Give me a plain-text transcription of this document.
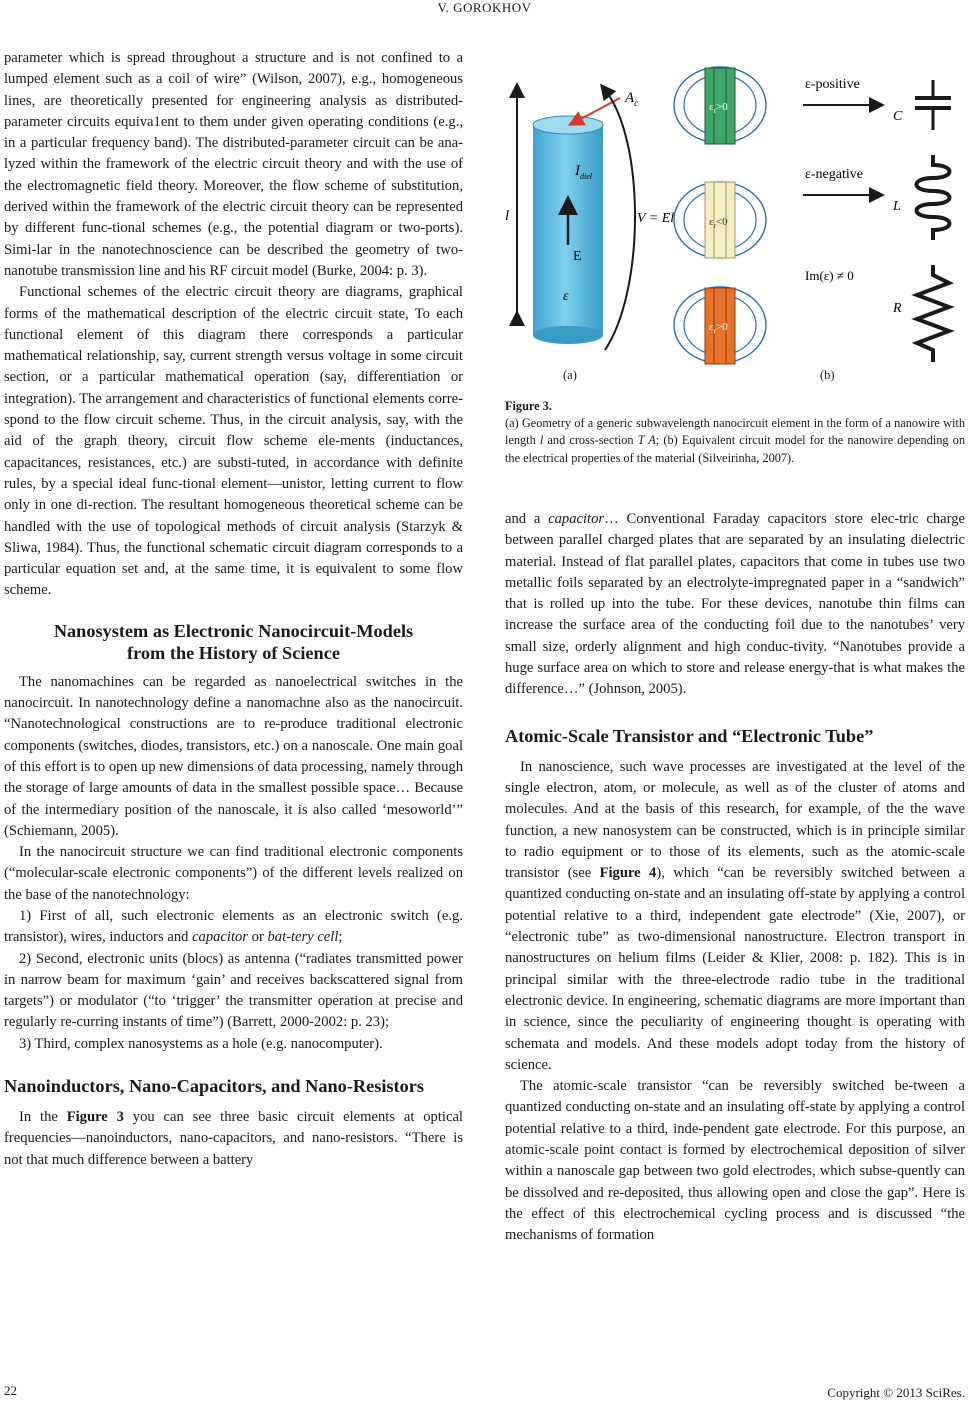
V. GOROKHOV

parameter which is spread throughout a structure and is not confined to a lumped element such as a coil of wire” (Wilson, 2007), e.g., homogeneous lines, are theoretically presented for engineering analysis as distributed-parameter circuits equiva1ent to them under given operating conditions (e.g., in a particular frequency band). The distributed-parameter circuit can be ana-lyzed within the framework of the electric circuit theory and with the use of the electromagnetic field theory. Moreover, the flow scheme of substitution, derived within the framework of the electric circuit theory can be represented by different func-tional schemes (e.g., the potential diagram or two-ports). Simi-lar in the nanotechnoscience can be described the geometry of two-nanotube transmission line and his RF circuit model (Burke, 2004: p. 3).

Functional schemes of the electric circuit theory are diagrams, graphical forms of the mathematical description of the electric circuit state, To each functional element of this diagram there corresponds a particular mathematical relationship, say, current strength versus voltage in some circuit section, or a particular mathematical operation (say, differentiation or integration). The arrangement and characteristics of functional elements corre-spond to the flow circuit scheme. Thus, in the circuit analysis, say, with the aid of the graph theory, circuit flow scheme ele-ments (inductances, capacitances, resistances, etc.) are substi-tuted, in accordance with definite rules, by a special ideal func-tional element—unistor, letting current to flow only in one di-rection. The resultant homogeneous theoretical scheme can be handled with the use of topological methods of circuit analysis (Starzyk & Sliwa, 1984). Thus, the functional schematic circuit diagram corresponds to a particular equation set and, at the same time, it is equivalent to some flow scheme.

Nanosystem as Electronic Nanocircuit-Models
from the History of Science

The nanomachines can be regarded as nanoelectrical switches in the nanocircuit. In nanotechnology define a nanomachne also as the nanocircuit. “Nanotechnological constructions are to re-produce traditional electronic components (switches, diodes, transistors, etc.) on a nanoscale. One main goal of this effort is to open up new dimensions of data processing, namely through the storage of large amounts of data in the smallest possible space… Because of the intermediary position of the nanoscale, it is also called ‘mesoworld’” (Schiemann, 2005).

In the nanocircuit structure we can find traditional electronic components (“molecular-scale electronic components”) of the different levels realized on the base of the nanotechnology:

1) First of all, such electronic elements as an electronic switch (e.g. transistor), wires, inductors and capacitor or bat-tery cell;

2) Second, electronic units (blocs) as antenna (“radiates transmitted power in narrow beam for maximum ‘gain’ and receives backscattered signal from targets”) or modulator (“to ‘trigger’ the transmitter operation at precise and regularly re-curring instants of time”) (Barrett, 2000-2002: p. 23);

3) Third, complex nanosystems as a hole (e.g. nanocomputer).

Nanoinductors, Nano-Capacitors, and Nano-Resistors

In the Figure 3 you can see three basic circuit elements at optical frequencies—nanoinductors, nano-capacitors, and nano-resistors. “There is not that much difference between a battery

$A_c$
$I_{diel}$
l	V = El
E
ε
$\varepsilon_r>0$
$\varepsilon_r<0$
$\varepsilon_r>0$
ε-positive
ε-negative
Im(ε) ≠ 0
C
L
R
(a)	(b)
Figure 3.
(a) Geometry of a generic subwavelength nanocircuit element in the form of a nanowire with length l and cross-section T A; (b) Equivalent circuit model for the nanowire depending on the electrical properties of the material (Silveirinha, 2007).

and a capacitor… Conventional Faraday capacitors store elec-tric charge between parallel charged plates that are separated by an insulating dielectric material. Instead of flat parallel plates, capacitors that come in tubes use two metallic foils separated by an electrolyte-impregnated paper in a “sandwich” that is rolled up into the tube. For these devices, nanotube thin films can increase the surface area of the conducting foil due to the nanotubes’ very small size, orderly alignment and high conduc-tivity. “Nanotubes provide a huge surface area on which to store and release energy-that is what makes the difference…” (Johnson, 2005).

Atomic-Scale Transistor and “Electronic Tube”

In nanoscience, such wave processes are investigated at the level of the single electron, atom, or molecule, as well as of the cluster of atoms and molecules. And at the basis of this research, for example, of the the wave function, a new nanosystem can be constructed, which is in principle similar to radio equipment or to those of its elements, such as the atomic-scale transistor (see Figure 4), which “can be reversibly switched between a quantized conducting on-state and an insulating off-state by applying a control potential relative to a third, independent gate electrode” (Xie, 2007), or “electronic tube” as two-dimensional nanostructure. Electron transport in nanostructures on helium films (Leider & Klier, 2008: p. 182). This is in principal similar with the three-electrode radio tube in the traditional electronic device. In engineering, schematic diagrams are more important than in science, since the peculiarity of engineering thought is operating with schemata and models. And these models adopt today from the history of science.

The atomic-scale transistor “can be reversibly switched be-tween a quantized conducting on-state and an insulating off-state by applying a control potential relative to a third, inde-pendent gate electrode. For this purpose, an atomic-scale point contact is formed by electrochemical deposition of silver within a nanoscale gap between two gold electrodes, which subse-quently can be dissolved and re-deposited, thus allowing open and close the gap”. Here is the effect of this electrochemical cycling process and is discussed “the mechanisms of formation

22	Copyright © 2013 SciRes.
